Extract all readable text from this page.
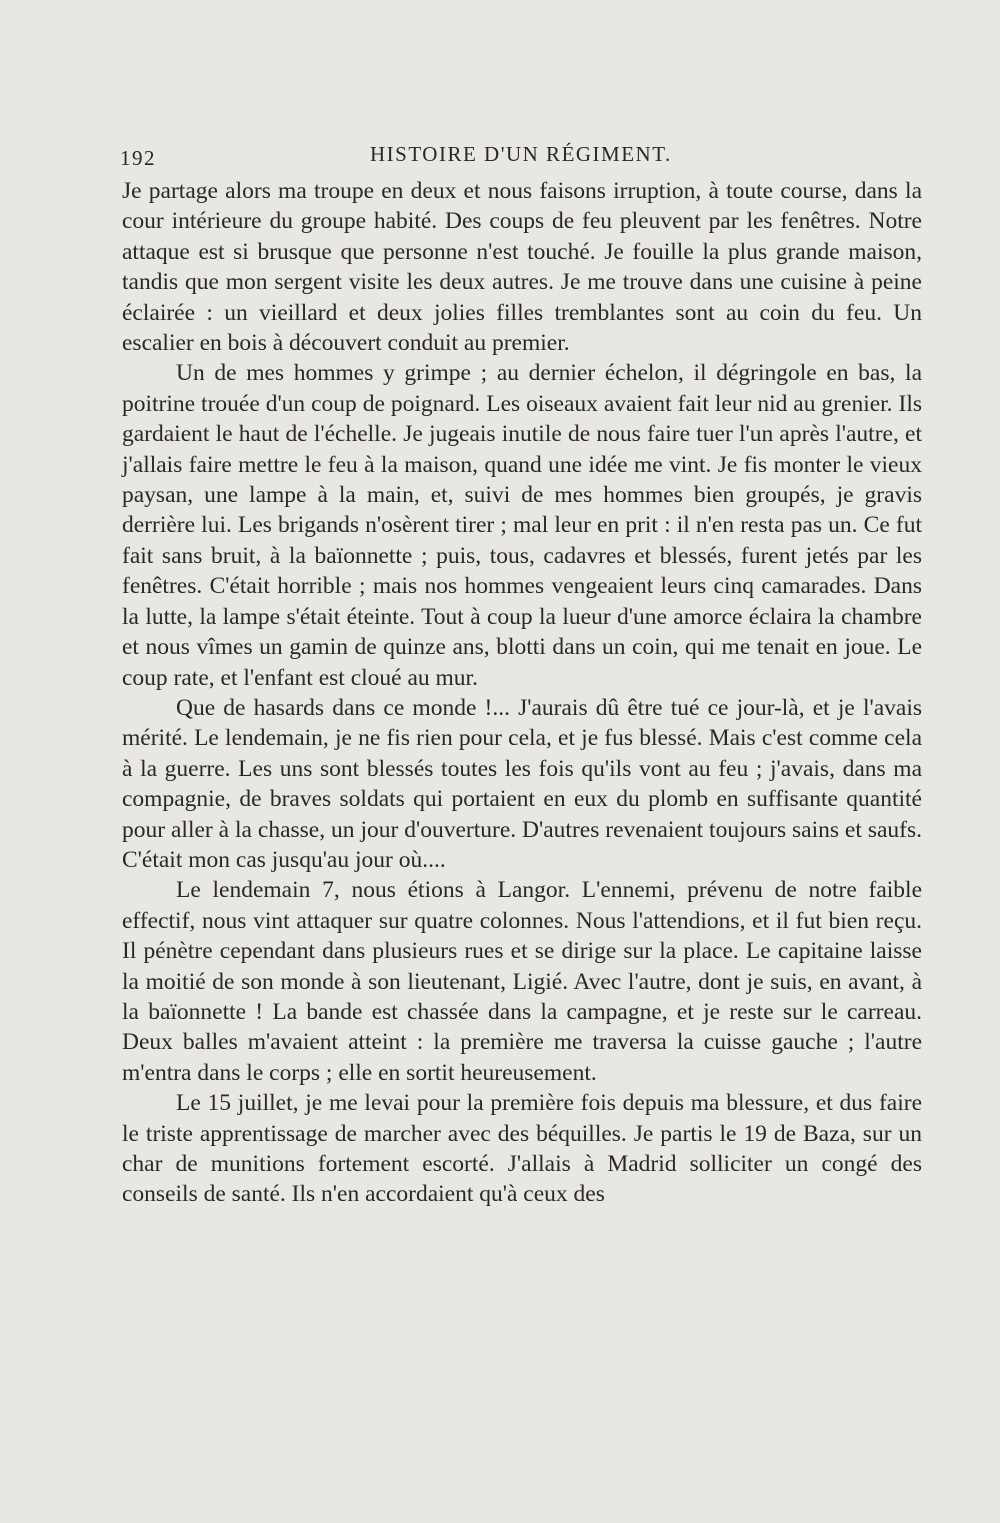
192	HISTOIRE D'UN RÉGIMENT.

Je partage alors ma troupe en deux et nous faisons irruption, à toute course, dans la cour intérieure du groupe habité. Des coups de feu pleuvent par les fenêtres. Notre attaque est si brusque que personne n'est touché. Je fouille la plus grande maison, tandis que mon sergent visite les deux autres. Je me trouve dans une cuisine à peine éclairée : un vieillard et deux jolies filles tremblantes sont au coin du feu. Un escalier en bois à découvert conduit au premier.

Un de mes hommes y grimpe ; au dernier échelon, il dégringole en bas, la poitrine trouée d'un coup de poignard. Les oiseaux avaient fait leur nid au grenier. Ils gardaient le haut de l'échelle. Je jugeais inutile de nous faire tuer l'un après l'autre, et j'allais faire mettre le feu à la maison, quand une idée me vint. Je fis monter le vieux paysan, une lampe à la main, et, suivi de mes hommes bien groupés, je gravis derrière lui. Les brigands n'osèrent tirer ; mal leur en prit : il n'en resta pas un. Ce fut fait sans bruit, à la baïonnette ; puis, tous, cadavres et blessés, furent jetés par les fenêtres. C'était horrible ; mais nos hommes vengeaient leurs cinq camarades. Dans la lutte, la lampe s'était éteinte. Tout à coup la lueur d'une amorce éclaira la chambre et nous vîmes un gamin de quinze ans, blotti dans un coin, qui me tenait en joue. Le coup rate, et l'enfant est cloué au mur.

Que de hasards dans ce monde !... J'aurais dû être tué ce jour-là, et je l'avais mérité. Le lendemain, je ne fis rien pour cela, et je fus blessé. Mais c'est comme cela à la guerre. Les uns sont blessés toutes les fois qu'ils vont au feu ; j'avais, dans ma compagnie, de braves soldats qui portaient en eux du plomb en suffisante quantité pour aller à la chasse, un jour d'ouverture. D'autres revenaient toujours sains et saufs. C'était mon cas jusqu'au jour où....

Le lendemain 7, nous étions à Langor. L'ennemi, prévenu de notre faible effectif, nous vint attaquer sur quatre colonnes. Nous l'attendions, et il fut bien reçu. Il pénètre cependant dans plusieurs rues et se dirige sur la place. Le capitaine laisse la moitié de son monde à son lieutenant, Ligié. Avec l'autre, dont je suis, en avant, à la baïonnette ! La bande est chassée dans la campagne, et je reste sur le carreau. Deux balles m'avaient atteint : la première me traversa la cuisse gauche ; l'autre m'entra dans le corps ; elle en sortit heureusement.

Le 15 juillet, je me levai pour la première fois depuis ma blessure, et dus faire le triste apprentissage de marcher avec des béquilles. Je partis le 19 de Baza, sur un char de munitions fortement escorté. J'allais à Madrid solliciter un congé des conseils de santé. Ils n'en accordaient qu'à ceux des
